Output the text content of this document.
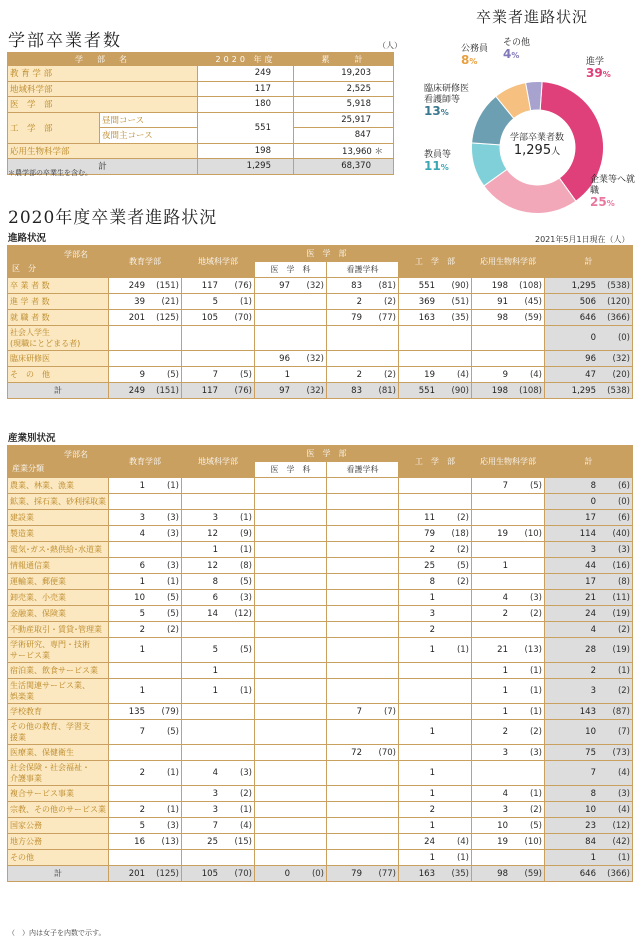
学部卒業者数	（人）
学　部　名		2020 年度	累　　計
教 育 学 部		249	19,203
地域科学部		117	2,525
医　学　部		180	5,918
工　学　部	昼間コース	551	25,917
	夜間主コース		847
応用生物科学部		198	13,960 ＊
計		1,295	68,370
＊農学部の卒業生を含む。
卒業者進路状況
学部卒業者数
1,295人
進学
39%
企業等へ就職
25%
教員等
11%
臨床研修医看護師等
13%
公務員
8%
その他
4%
2020年度卒業者進路状況
進路状況	2021年5月1日現在（人）
学部名
区　分	教育学部	地域科学部	医　学　部		工　学　部	応用生物科学部	計
			医　学　科	看護学科			
卒 業 者 数	249 (151)	117 (76)	97 (32)	83 (81)	551 (90)	198 (108)	1,295 (538)

進 学 者 数	39 (21)	5 (1)		2 (2)	369 (51)	91 (45)	506 (120)

就 職 者 数	201 (125)	105 (70)		79 (77)	163 (35)	98 (59)	646 (366)

社会人学生
(現職にとどまる者)							0 (0)

臨床研修医			96 (32)				96 (32)

そ　の　他	9 (5)	7 (5)	1	2 (2)	19 (4)	9 (4)	47 (20)

計	249 (151)	117 (76)	97 (32)	83 (81)	551 (90)	198 (108)	1,295 (538)
産業別状況
学部名
産業分類	教育学部	地域科学部	医　学　部		工　学　部	応用生物科学部	計
			医　学　科	看護学科			
農業、林業、漁業	1 (1)					7 (5)	8 (6)

鉱業、採石業、砂利採取業							0 (0)

建設業	3 (3)	3 (1)			11 (2)		17 (6)

製造業	4 (3)	12 (9)			79 (18)	19 (10)	114 (40)

電気･ガス･熱供給･水道業		1 (1)			2 (2)		3 (3)

情報通信業	6 (3)	12 (8)			25 (5)	1	44 (16)

運輸業、郵便業	1 (1)	8 (5)			8 (2)		17 (8)

卸売業、小売業	10 (5)	6 (3)			1	4 (3)	21 (11)

金融業、保険業	5 (5)	14 (12)			3	2 (2)	24 (19)

不動産取引・賃貸･管理業	2 (2)				2		4 (2)

学術研究、専門・技術
サービス業	1	5 (5)			1 (1)	21 (13)	28 (19)

宿泊業、飲食サービス業		1				1 (1)	2 (1)

生活関連サービス業、
娯楽業	1	1 (1)				1 (1)	3 (2)

学校教育	135 (79)			7 (7)		1 (1)	143 (87)

その他の教育、学習支
援業	7 (5)				1	2 (2)	10 (7)

医療業、保健衛生				72 (70)		3 (3)	75 (73)

社会保険・社会福祉・
介護事業	2 (1)	4 (3)			1		7 (4)

複合サービス事業		3 (2)			1	4 (1)	8 (3)

宗教、その他のサービス業	2 (1)	3 (1)			2	3 (2)	10 (4)

国家公務	5 (3)	7 (4)			1	10 (5)	23 (12)

地方公務	16 (13)	25 (15)			24 (4)	19 (10)	84 (42)

その他					1 (1)		1 (1)

計	201 (125)	105 (70)	0 (0)	79 (77)	163 (35)	98 (59)	646 (366)
（　）内は女子を内数で示す。
